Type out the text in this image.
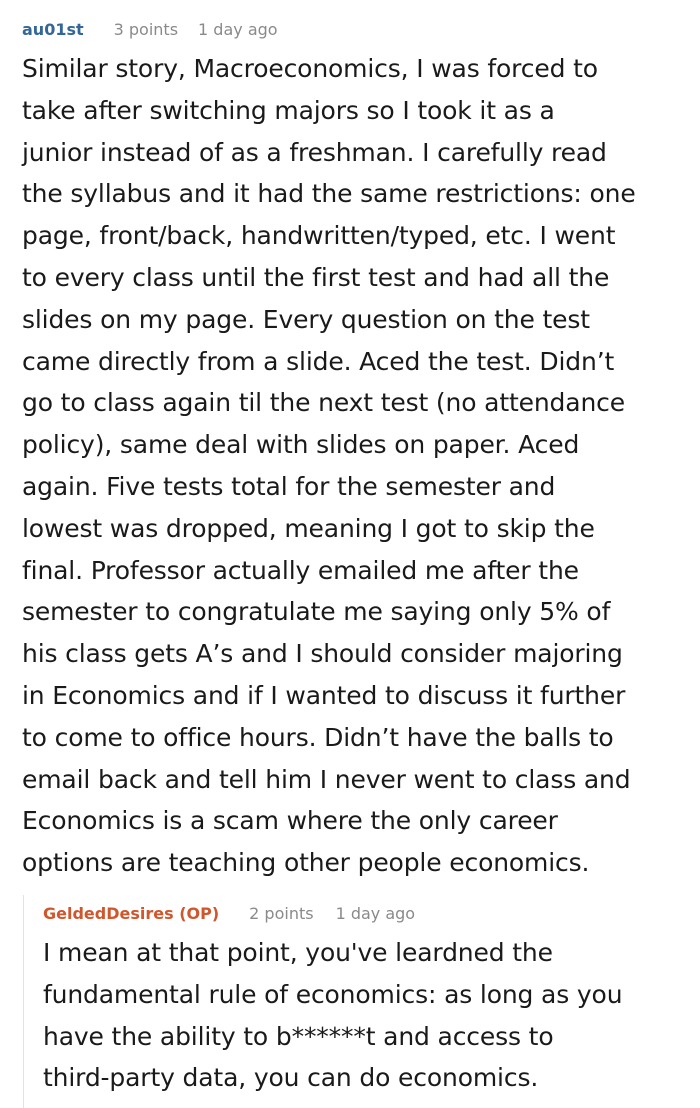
au01st 3 points 1 day ago

Similar story, Macroeconomics, I was forced to
take after switching majors so I took it as a
junior instead of as a freshman. I carefully read
the syllabus and it had the same restrictions: one
page, front/back, handwritten/typed, etc. I went
to every class until the first test and had all the
slides on my page. Every question on the test
came directly from a slide. Aced the test. Didn’t
go to class again til the next test (no attendance
policy), same deal with slides on paper. Aced
again. Five tests total for the semester and
lowest was dropped, meaning I got to skip the
final. Professor actually emailed me after the
semester to congratulate me saying only 5% of
his class gets A’s and I should consider majoring
in Economics and if I wanted to discuss it further
to come to office hours. Didn’t have the balls to
email back and tell him I never went to class and
Economics is a scam where the only career
options are teaching other people economics.

GeldedDesires (OP) 2 points 1 day ago

I mean at that point, you've leardned the
fundamental rule of economics: as long as you
have the ability to b******t and access to
third-party data, you can do economics.
